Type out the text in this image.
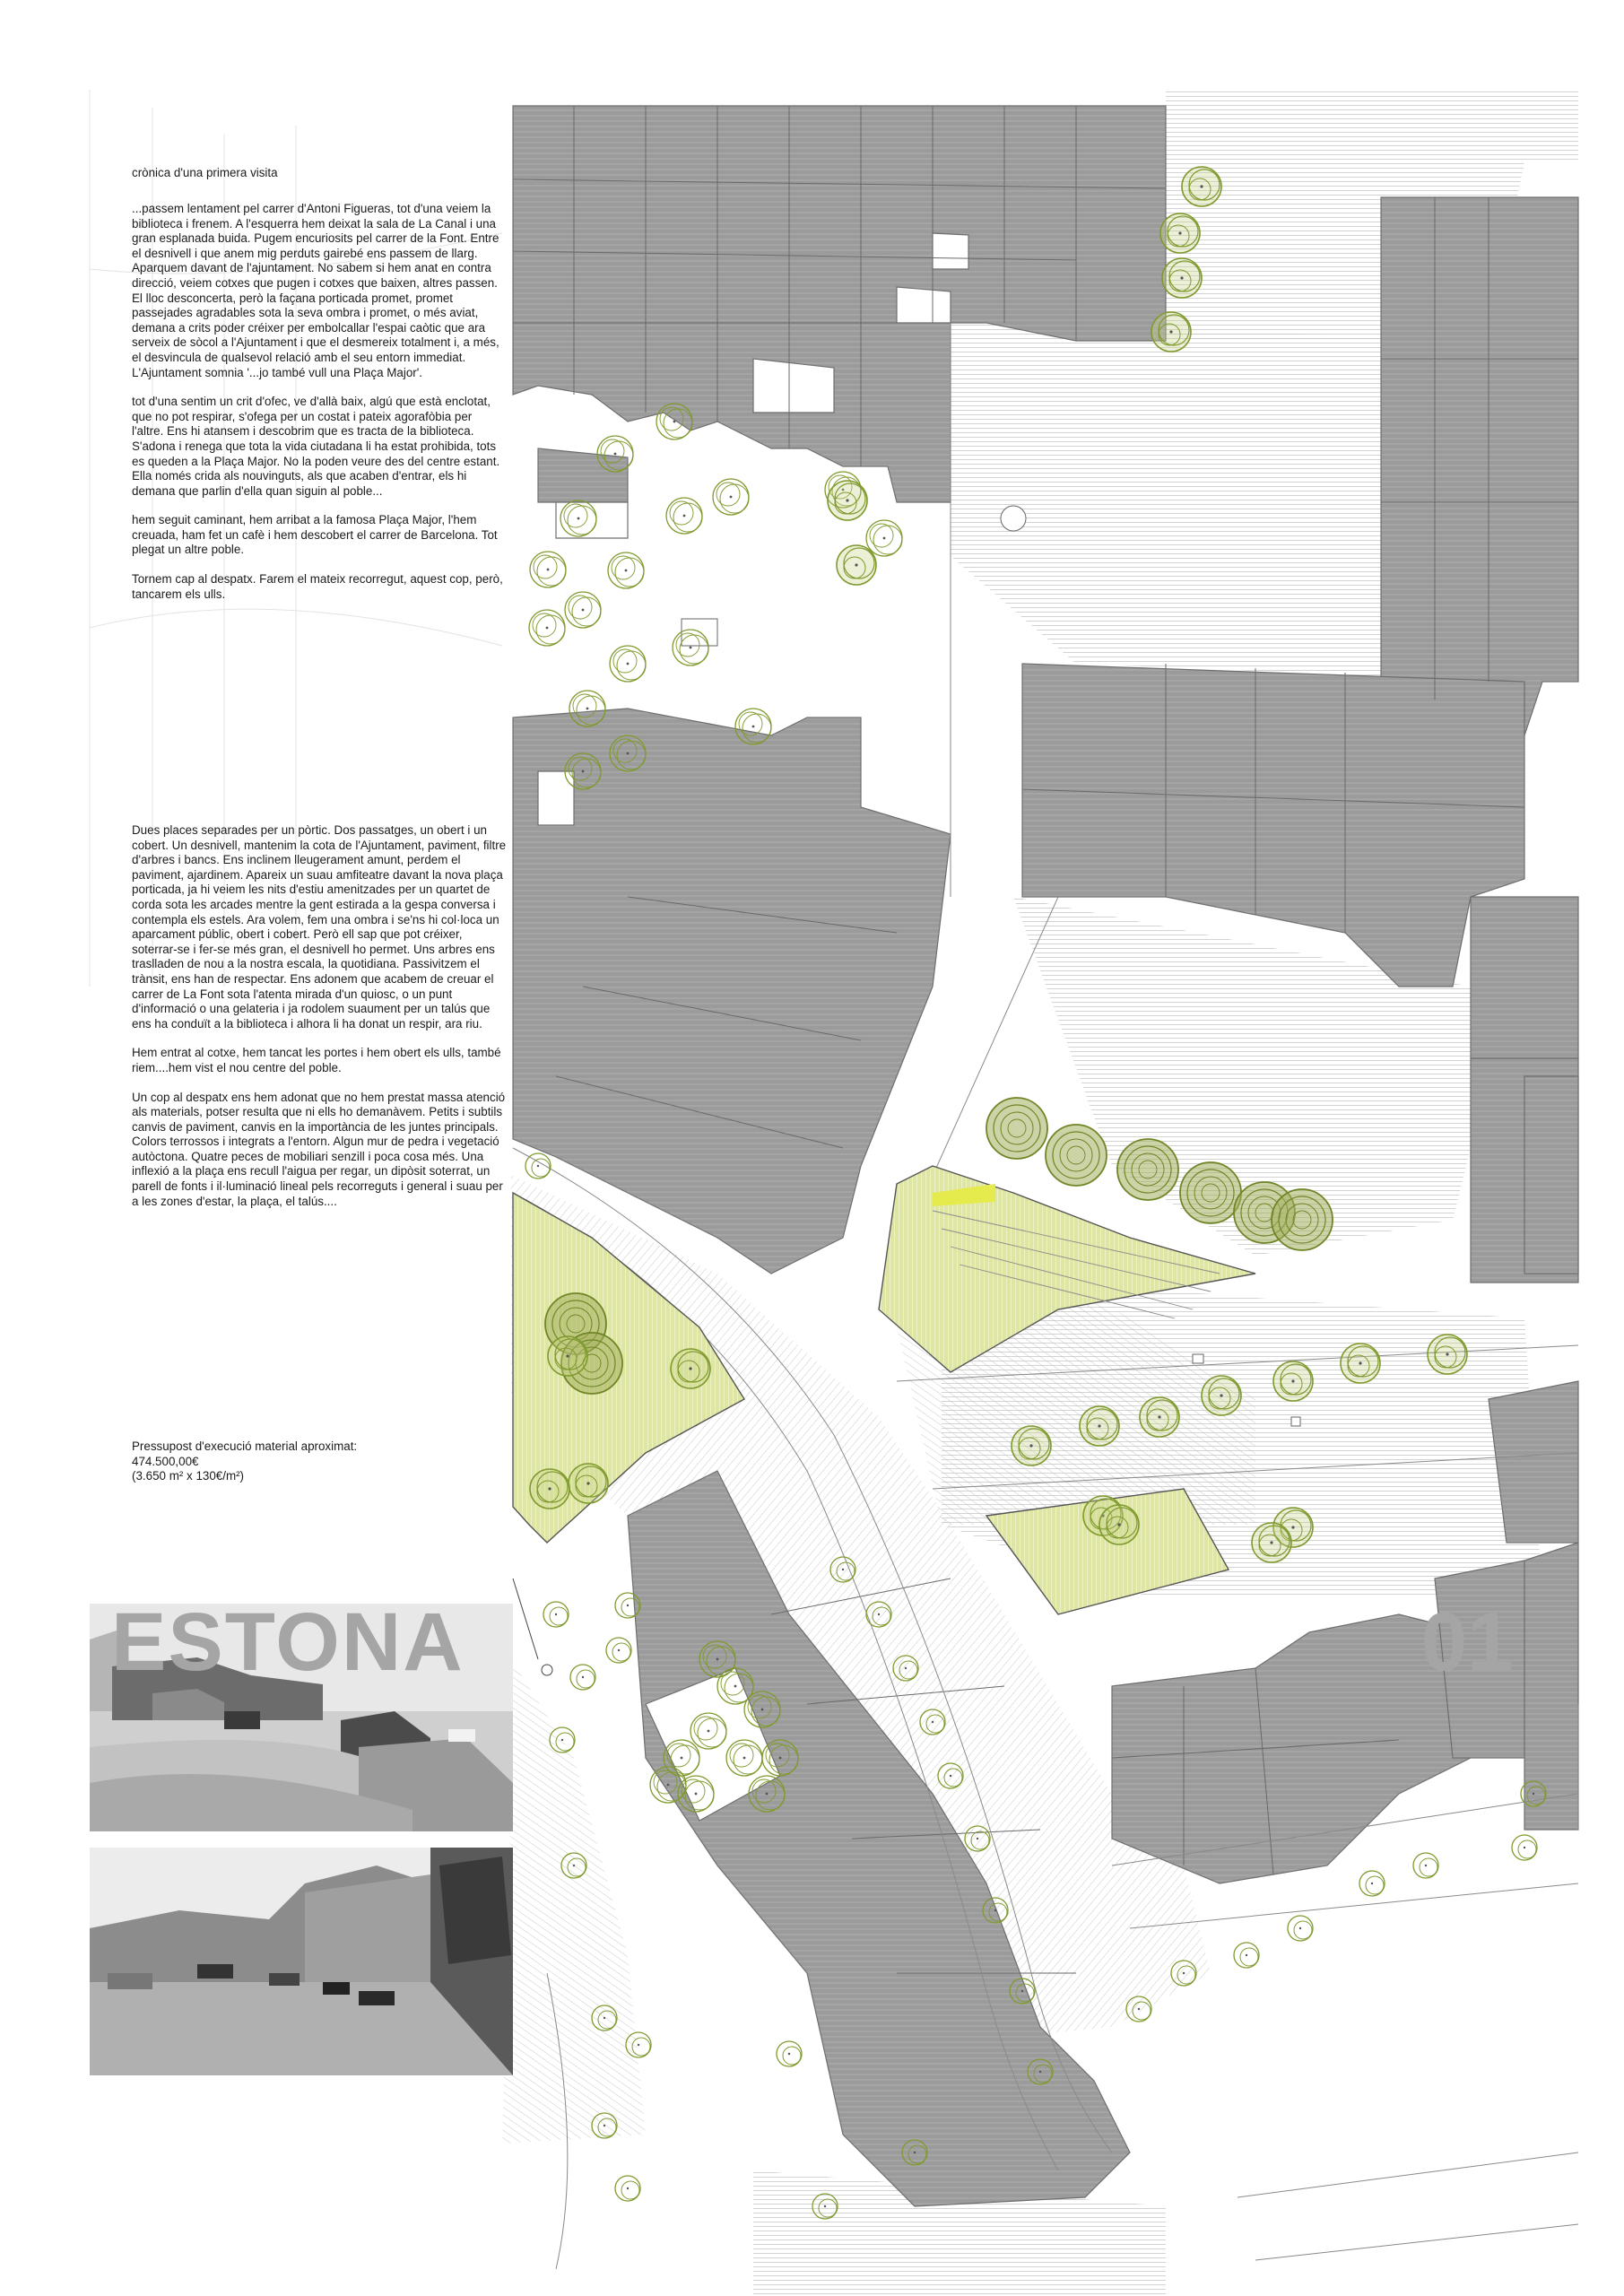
crònica d'una primera visita

...passem lentament pel carrer d'Antoni Figueras, tot d'una veiem la biblioteca i frenem. A l'esquerra hem deixat la sala de La Canal i una gran esplanada buida. Pugem encuriosits pel carrer de la Font. Entre el desnivell i que anem mig perduts gairebé ens passem de llarg. Aparquem davant de l'ajuntament. No sabem si hem anat en contra direcció, veiem cotxes que pugen i cotxes que baixen, altres passen. El lloc desconcerta, però la façana porticada promet, promet passejades agradables sota la seva ombra i promet, o més aviat, demana a crits poder créixer per embolcallar l'espai caòtic que ara serveix de sòcol a l'Ajuntament i que el desmereix totalment i, a més, el desvincula de qualsevol relació amb el seu entorn immediat. L'Ajuntament somnia '...jo també vull una Plaça Major'.

tot d'una sentim un crit d'ofec, ve d'allà baix, algú que està enclotat, que no pot respirar, s'ofega per un costat i pateix agorafòbia per l'altre. Ens hi atansem i descobrim que es tracta de la biblioteca. S'adona i renega que tota la vida ciutadana li ha estat prohibida, tots es queden a la Plaça Major. No la poden veure des del centre estant. Ella només crida als nouvinguts, als que acaben d'entrar, els hi demana que parlin d'ella quan siguin al poble...

hem seguit caminant, hem arribat a la famosa Plaça Major, l'hem creuada, ham fet un cafè i hem descobert el carrer de Barcelona. Tot plegat un altre poble.

Tornem cap al despatx. Farem el mateix recorregut, aquest cop, però, tancarem els ulls.

Dues places separades per un pòrtic. Dos passatges, un obert i un cobert. Un desnivell, mantenim la cota de l'Ajuntament, paviment, filtre d'arbres i bancs. Ens inclinem lleugerament amunt, perdem el paviment, ajardinem. Apareix un suau amfiteatre davant la nova plaça porticada, ja hi veiem les nits d'estiu amenitzades per un quartet de corda sota les arcades mentre la gent estirada a la gespa conversa i contempla els estels. Ara volem, fem una ombra i se'ns hi col·loca un aparcament públic, obert i cobert. Però ell sap que pot créixer, soterrar-se i fer-se més gran, el desnivell ho permet. Uns arbres ens traslladen de nou a la nostra escala, la quotidiana. Passivitzem el trànsit, ens han de respectar. Ens adonem que acabem de creuar el carrer de La Font sota l'atenta mirada d'un quiosc, o un punt d'informació o una gelateria i ja rodolem suaument per un talús que ens ha conduït a la biblioteca i alhora li ha donat un respir, ara riu.

Hem entrat al cotxe, hem tancat les portes i hem obert els ulls, també riem....hem vist el nou centre del poble.

Un cop al despatx ens hem adonat que no hem prestat massa atenció als materials, potser resulta que ni ells ho demanàvem. Petits i subtils canvis de paviment, canvis en la importància de les juntes principals. Colors terrossos i integrats a l'entorn. Algun mur de pedra i vegetació autòctona. Quatre peces de mobiliari senzill i poca cosa més. Una inflexió a la plaça ens recull l'aigua per regar, un dipòsit soterrat, un parell de fonts i il·luminació lineal pels recorreguts i general i suau per a les zones d'estar, la plaça, el talús....

Pressupost d'execució material aproximat:
474.500,00€
(3.650 m² x 130€/m²)
ESTONA	01
